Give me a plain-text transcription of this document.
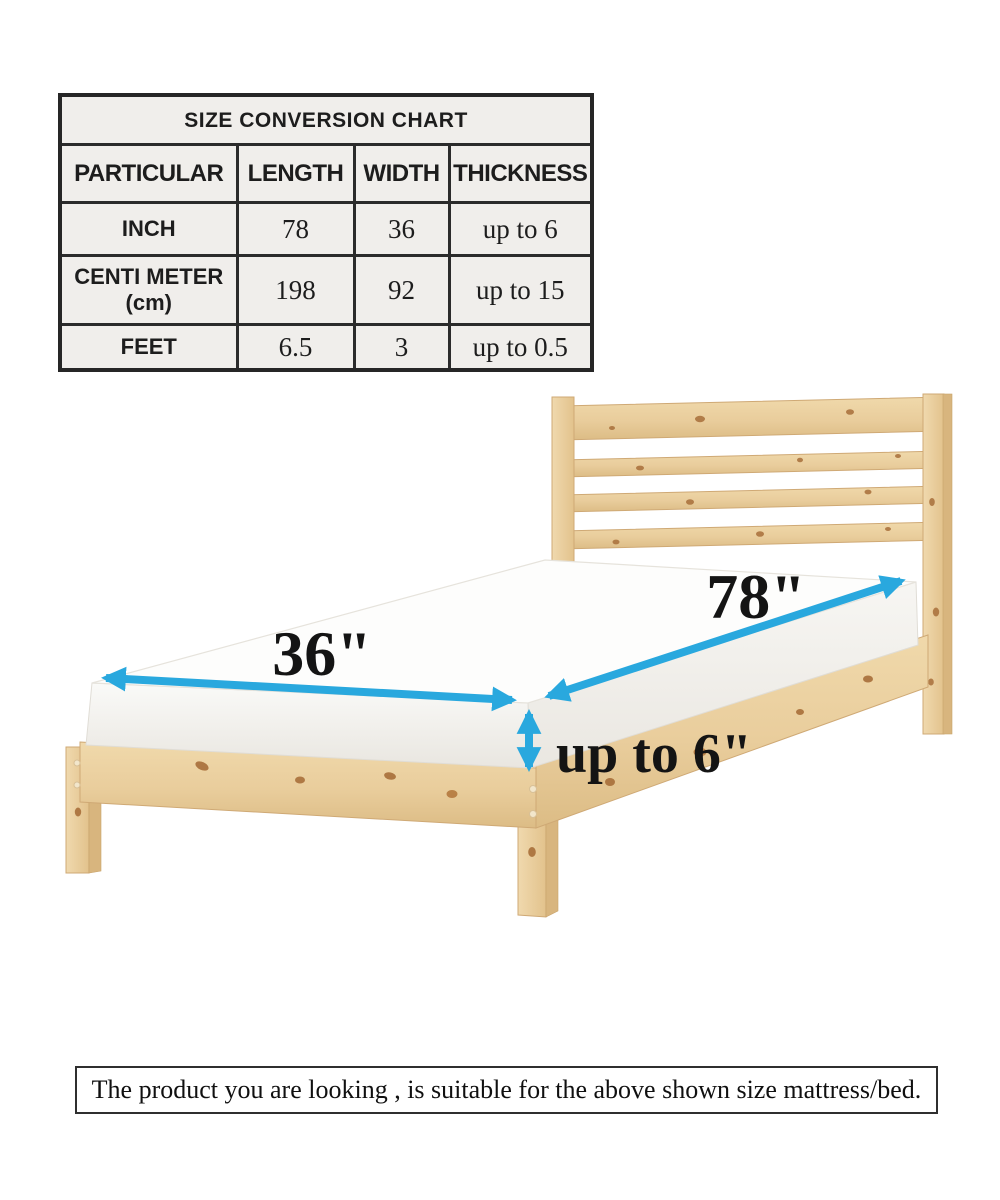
SIZE CONVERSION CHART			
PARTICULAR	LENGTH	WIDTH	THICKNESS
INCH	78	36	up to 6

CENTI METER
(cm)	198	92	up to 15
FEET	6.5	3	up to 0.5
36"
78"
up to 6"
The product you are looking , is suitable for the above shown size mattress/bed.
